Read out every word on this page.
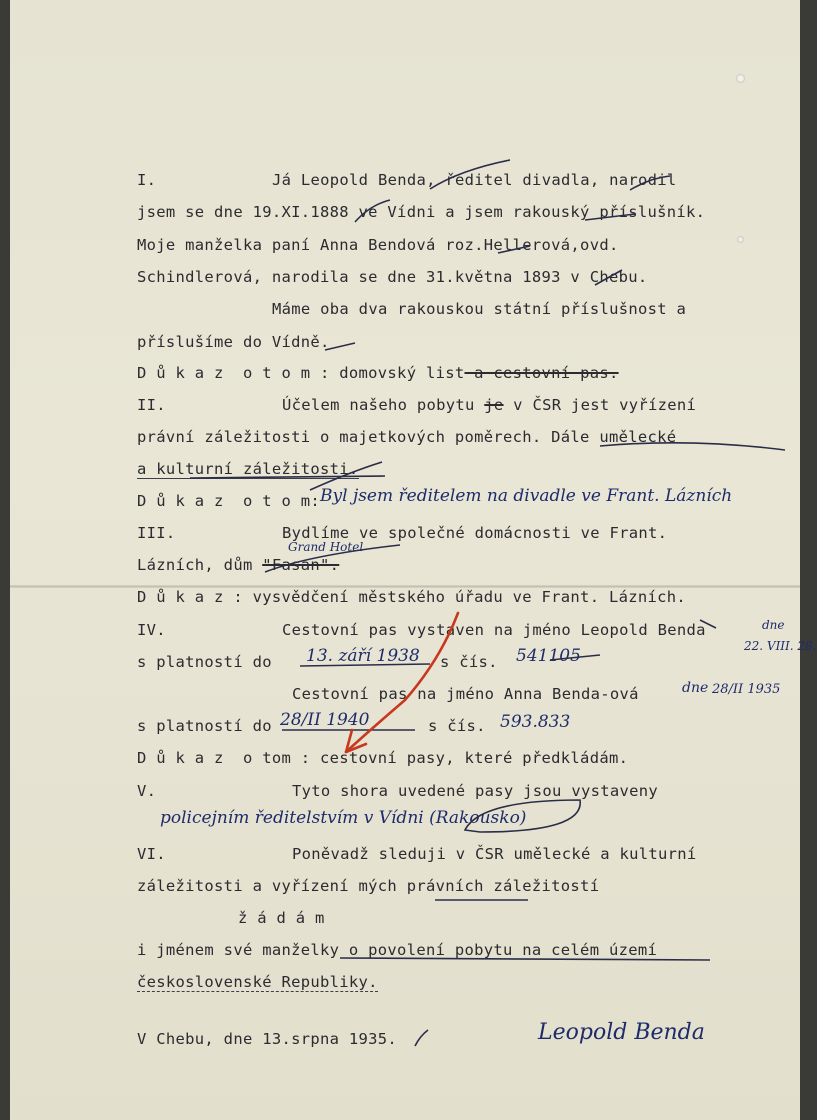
I.	Já Leopold Benda, ředitel divadla, narodil
jsem se dne 19.XI.1888 ve Vídni a jsem rakouský příslušník.
Moje manželka paní Anna Bendová roz.Hellerová,ovd.
Schindlerová, narodila se dne 31.května 1893 v Chebu.
Máme oba dva rakouskou státní příslušnost a
příslušíme do Vídně.
D ů k a z  o t o m : domovský list a cestovní pas.
II.	Účelem našeho pobytu je v ČSR jest vyřízení
právní záležitosti o majetkových poměrech. Dále umělecké
a kulturní záležitosti.
D ů k a z  o t o m: Byl jsem ředitelem na divadle ve Frant. Lázních
III.	Bydlíme ve společné domácnosti ve Frant.
Lázních, dům "Fasan".
Grand Hotel
D ů k a z : vysvědčení městského úřadu ve Frant. Lázních.
IV.	Cestovní pas vystaven na jméno Leopold Benda	dne
22. VIII. 28.
s platností do 13. září 1938 s čís. 541105
Cestovní pas na jméno Anna Benda-ová	dne 28/II 1935
s platností do 28/II 1940	s čís. 593.833
D ů k a z  o tom : cestovní pasy, které předkládám.
V.	Tyto shora uvedené pasy jsou vystaveny
policejním ředitelstvím v Vídni (Rakousko)
VI.	Poněvadž sleduji v ČSR umělecké a kulturní
záležitosti a vyřízení mých právních záležitostí
ž á d á m
i jménem své manželky o povolení pobytu na celém území
československé Republiky.
V Chebu, dne 13.srpna 1935.	Leopold Benda
